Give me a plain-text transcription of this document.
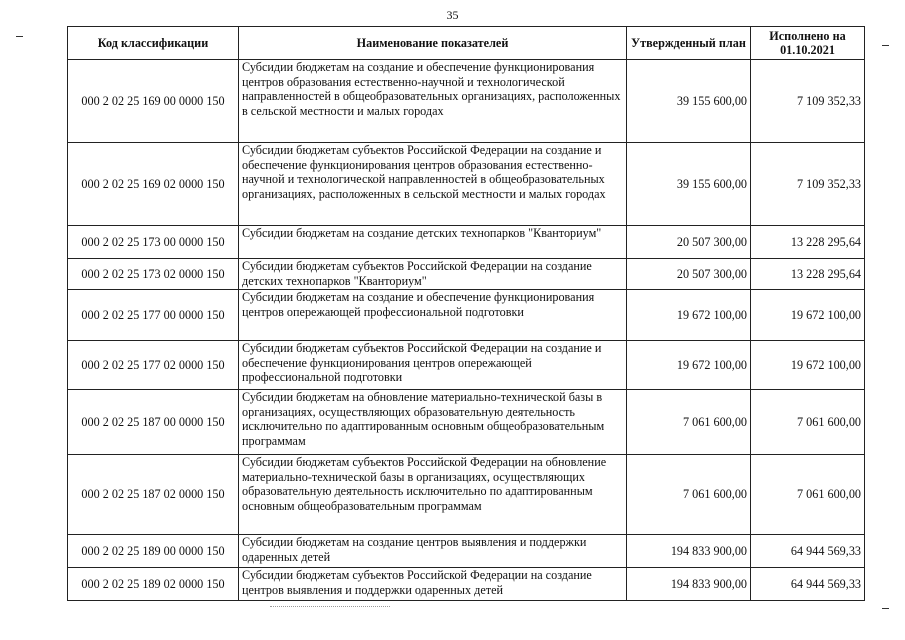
35
Код классификации	Наименование показателей	Утвержденный план	Исполнено на 01.10.2021
000 2 02 25 169 00 0000 150	Субсидии бюджетам на создание и обеспечение функционирования центров образования естественно-научной и технологической направленностей в общеобразовательных организациях, расположенных в сельской местности и малых городах	39 155 600,00	7 109 352,33
000 2 02 25 169 02 0000 150	Субсидии бюджетам субъектов Российской Федерации на создание и обеспечение функционирования центров образования естественно-научной и технологической направленностей в общеобразовательных организациях, расположенных в сельской местности и малых городах	39 155 600,00	7 109 352,33
000 2 02 25 173 00 0000 150	Субсидии бюджетам на создание детских технопарков "Кванториум"	20 507 300,00	13 228 295,64
000 2 02 25 173 02 0000 150	Субсидии бюджетам субъектов Российской Федерации на создание детских технопарков "Кванториум"	20 507 300,00	13 228 295,64
000 2 02 25 177 00 0000 150	Субсидии бюджетам на создание и обеспечение функционирования центров опережающей профессиональной подготовки	19 672 100,00	19 672 100,00
000 2 02 25 177 02 0000 150	Субсидии бюджетам субъектов Российской Федерации на создание и обеспечение функционирования центров опережающей профессиональной подготовки	19 672 100,00	19 672 100,00
000 2 02 25 187 00 0000 150	Субсидии бюджетам на обновление материально-технической базы в организациях, осуществляющих образовательную деятельность исключительно по адаптированным основным общеобразовательным программам	7 061 600,00	7 061 600,00
000 2 02 25 187 02 0000 150	Субсидии бюджетам субъектов Российской Федерации на обновление материально-технической базы в организациях, осуществляющих образовательную деятельность исключительно по адаптированным основным общеобразовательным программам	7 061 600,00	7 061 600,00
000 2 02 25 189 00 0000 150	Субсидии бюджетам на создание центров выявления и поддержки одаренных детей	194 833 900,00	64 944 569,33
000 2 02 25 189 02 0000 150	Субсидии бюджетам субъектов Российской Федерации на создание центров выявления и поддержки одаренных детей	194 833 900,00	64 944 569,33
